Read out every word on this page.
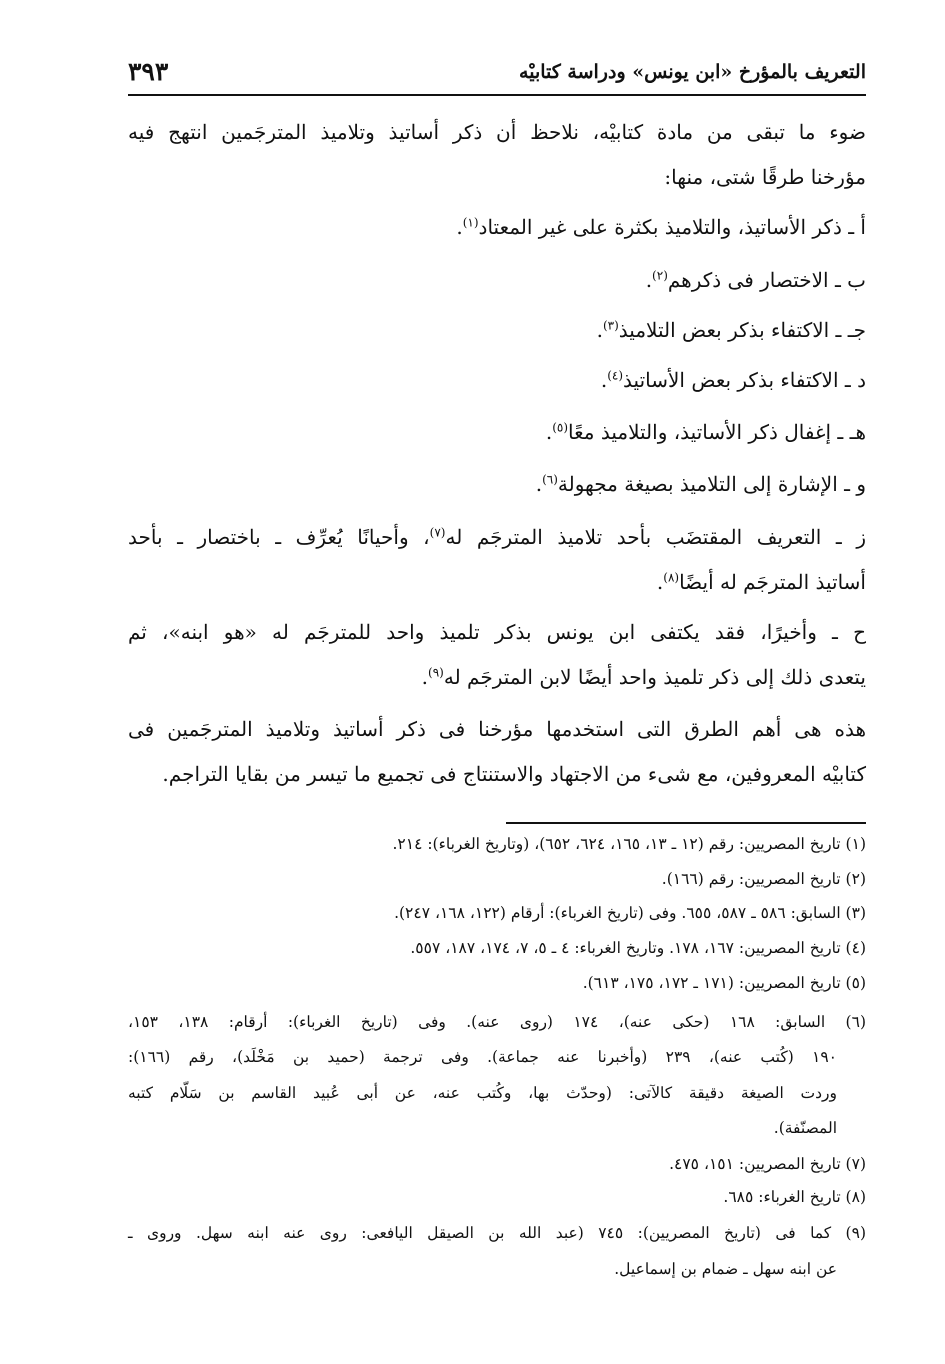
التعريف بالمؤرخ «ابن يونس» ودراسة كتابيْه
٣٩٣
ضوء ما تبقى من مادة كتابيْه، نلاحظ أن ذكر أساتيذ وتلاميذ المترجَمين انتهج فيه
مؤرخنا طرقًا شتى، منها:
أ ـ ذكر الأساتيذ، والتلاميذ بكثرة على غير المعتاد$^{(١)}$.
ب ـ الاختصار فى ذكرهم$^{(٢)}$.
جـ ـ الاكتفاء بذكر بعض التلاميذ$^{(٣)}$.
د ـ الاكتفاء بذكر بعض الأساتيذ$^{(٤)}$.
هـ ـ إغفال ذكر الأساتيذ، والتلاميذ معًا$^{(٥)}$.
و ـ الإشارة إلى التلاميذ بصيغة مجهولة$^{(٦)}$.
ز ـ التعريف المقتضَب بأحد تلاميذ المترجَم له$^{(٧)}$، وأحيانًا يُعرِّف ـ باختصار ـ بأحد
أساتيذ المترجَم له أيضًا$^{(٨)}$.
ح ـ وأخيرًا، فقد يكتفى ابن يونس بذكر تلميذ واحد للمترجَم له «هو ابنه»، ثم
يتعدى ذلك إلى ذكر تلميذ واحد أيضًا لابن المترجَم له$^{(٩)}$.
هذه هى أهم الطرق التى استخدمها مؤرخنا فى ذكر أساتيذ وتلاميذ المترجَمين فى
كتابيْه المعروفين، مع شىء من الاجتهاد والاستنتاج فى تجميع ما تيسر من بقايا التراجم.
(١) تاريخ المصريين: رقم (١٢ ـ ١٣، ١٦٥، ٦٢٤، ٦٥٢)، (وتاريخ الغرباء): ٢١٤.
(٢) تاريخ المصريين: رقم (١٦٦).
(٣) السابق: ٥٨٦ ـ ٥٨٧، ٦٥٥. وفى (تاريخ الغرباء): أرقام (١٢٢، ١٦٨، ٢٤٧).
(٤) تاريخ المصريين: ١٦٧، ١٧٨. وتاريخ الغرباء: ٤ ـ ٥، ٧، ١٧٤، ١٨٧، ٥٥٧.
(٥) تاريخ المصريين: (١٧١ ـ ١٧٢، ١٧٥، ٦١٣).
(٦) السابق: ١٦٨ (حكى عنه)، ١٧٤ (روى عنه). وفى (تاريخ الغرباء): أرقام: ١٣٨، ١٥٣،
١٩٠ (كُتب عنه)، ٢٣٩ (وأخبرنا عنه جماعة). وفى ترجمة (حميد بن مَخْلَد)، رقم (١٦٦):
وردت الصيغة دقيقة كالآتى: (وحدّث بها، وكُتب عنه، عن أبى عُبيد القاسم بن سَلّام كتبه
المصنّفة).
(٧) تاريخ المصريين: ١٥١، ٤٧٥.
(٨) تاريخ الغرباء: ٦٨٥.
(٩) كما فى (تاريخ المصريين): ٧٤٥ (عبد الله بن الصيقل اليافعى: روى عنه ابنه سهل. وروى ـ
عن ابنه سهل ـ ضمام بن إسماعيل.
